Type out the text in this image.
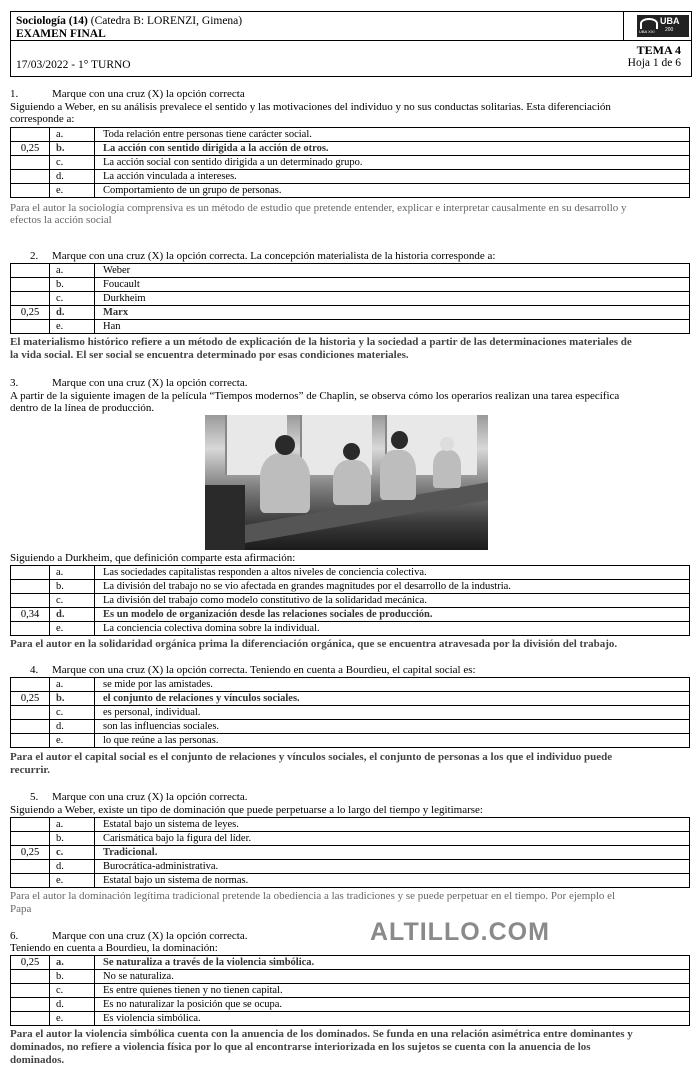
Sociología (14) (Catedra B: LORENZI, Gimena)
EXAMEN FINAL
UBA
200
UBA XXI
17/03/2022 - 1° TURNO
TEMA 4
Hoja 1 de 6
1.	Marque con una cruz (X) la opción correcta
Siguiendo a Weber, en su análisis prevalece el sentido y las motivaciones del individuo y no sus conductas solitarias. Esta diferenciación
corresponde a:
	a.	Toda relación entre personas tiene carácter social.
0,25	b.	La acción con sentido dirigida a la acción de otros.
	c.	La acción social con sentido dirigida a un determinado grupo.
	d.	La acción vinculada a intereses.
	e.	Comportamiento de un grupo de personas.
Para el autor la sociología comprensiva es un método de estudio que pretende entender, explicar e interpretar causalmente en su desarrollo y
efectos la acción social
2. Marque con una cruz (X) la opción correcta. La concepción materialista de la historia corresponde a:
	a.	Weber
	b.	Foucault
	c.	Durkheim
0,25	d.	Marx
	e.	Han
El materialismo histórico refiere a un método de explicación de la historia y la sociedad a partir de las determinaciones materiales de
la vida social. El ser social se encuentra determinado por esas condiciones materiales.
3.	Marque con una cruz (X) la opción correcta.
A partir de la siguiente imagen de la película “Tiempos modernos” de Chaplin, se observa cómo los operarios realizan una tarea específica
dentro de la línea de producción.
Siguiendo a Durkheim, que definición comparte esta afirmación:
	a.	Las sociedades capitalistas responden a altos niveles de conciencia colectiva.
	b.	La división del trabajo no se vio afectada en grandes magnitudes por el desarrollo de la industria.
	c.	La división del trabajo como modelo constitutivo de la solidaridad mecánica.
0,34	d.	Es un modelo de organización desde las relaciones sociales de producción.
	e.	La conciencia colectiva domina sobre la individual.
Para el autor en la solidaridad orgánica prima la diferenciación orgánica, que se encuentra atravesada por la división del trabajo.
4. Marque con una cruz (X) la opción correcta. Teniendo en cuenta a Bourdieu, el capital social es:
	a.	se mide por las amistades.
0,25	b.	el conjunto de relaciones y vínculos sociales.
	c.	es personal, individual.
	d.	son las influencias sociales.
	e.	lo que reúne a las personas.
Para el autor el capital social es el conjunto de relaciones y vínculos sociales, el conjunto de personas a los que el individuo puede
recurrir.
5. Marque con una cruz (X) la opción correcta.
Siguiendo a Weber, existe un tipo de dominación que puede perpetuarse a lo largo del tiempo y legitimarse:
	a.	Estatal bajo un sistema de leyes.
	b.	Carismática bajo la figura del líder.
0,25	c.	Tradicional.
	d.	Burocrática-administrativa.
	e.	Estatal bajo un sistema de normas.
Para el autor la dominación legítima tradicional pretende la obediencia a las tradiciones y se puede perpetuar en el tiempo. Por ejemplo el
Papa
ALTILLO.COM
6.	Marque con una cruz (X) la opción correcta.
Teniendo en cuenta a Bourdieu, la dominación:
0,25	a.	Se naturaliza a través de la violencia simbólica.
	b.	No se naturaliza.
	c.	Es entre quienes tienen y no tienen capital.
	d.	Es no naturalizar la posición que se ocupa.
	e.	Es violencia simbólica.
Para el autor la violencia simbólica cuenta con la anuencia de los dominados. Se funda en una relación asimétrica entre dominantes y
dominados, no refiere a violencia física por lo que al encontrarse interiorizada en los sujetos se cuenta con la anuencia de los
dominados.
